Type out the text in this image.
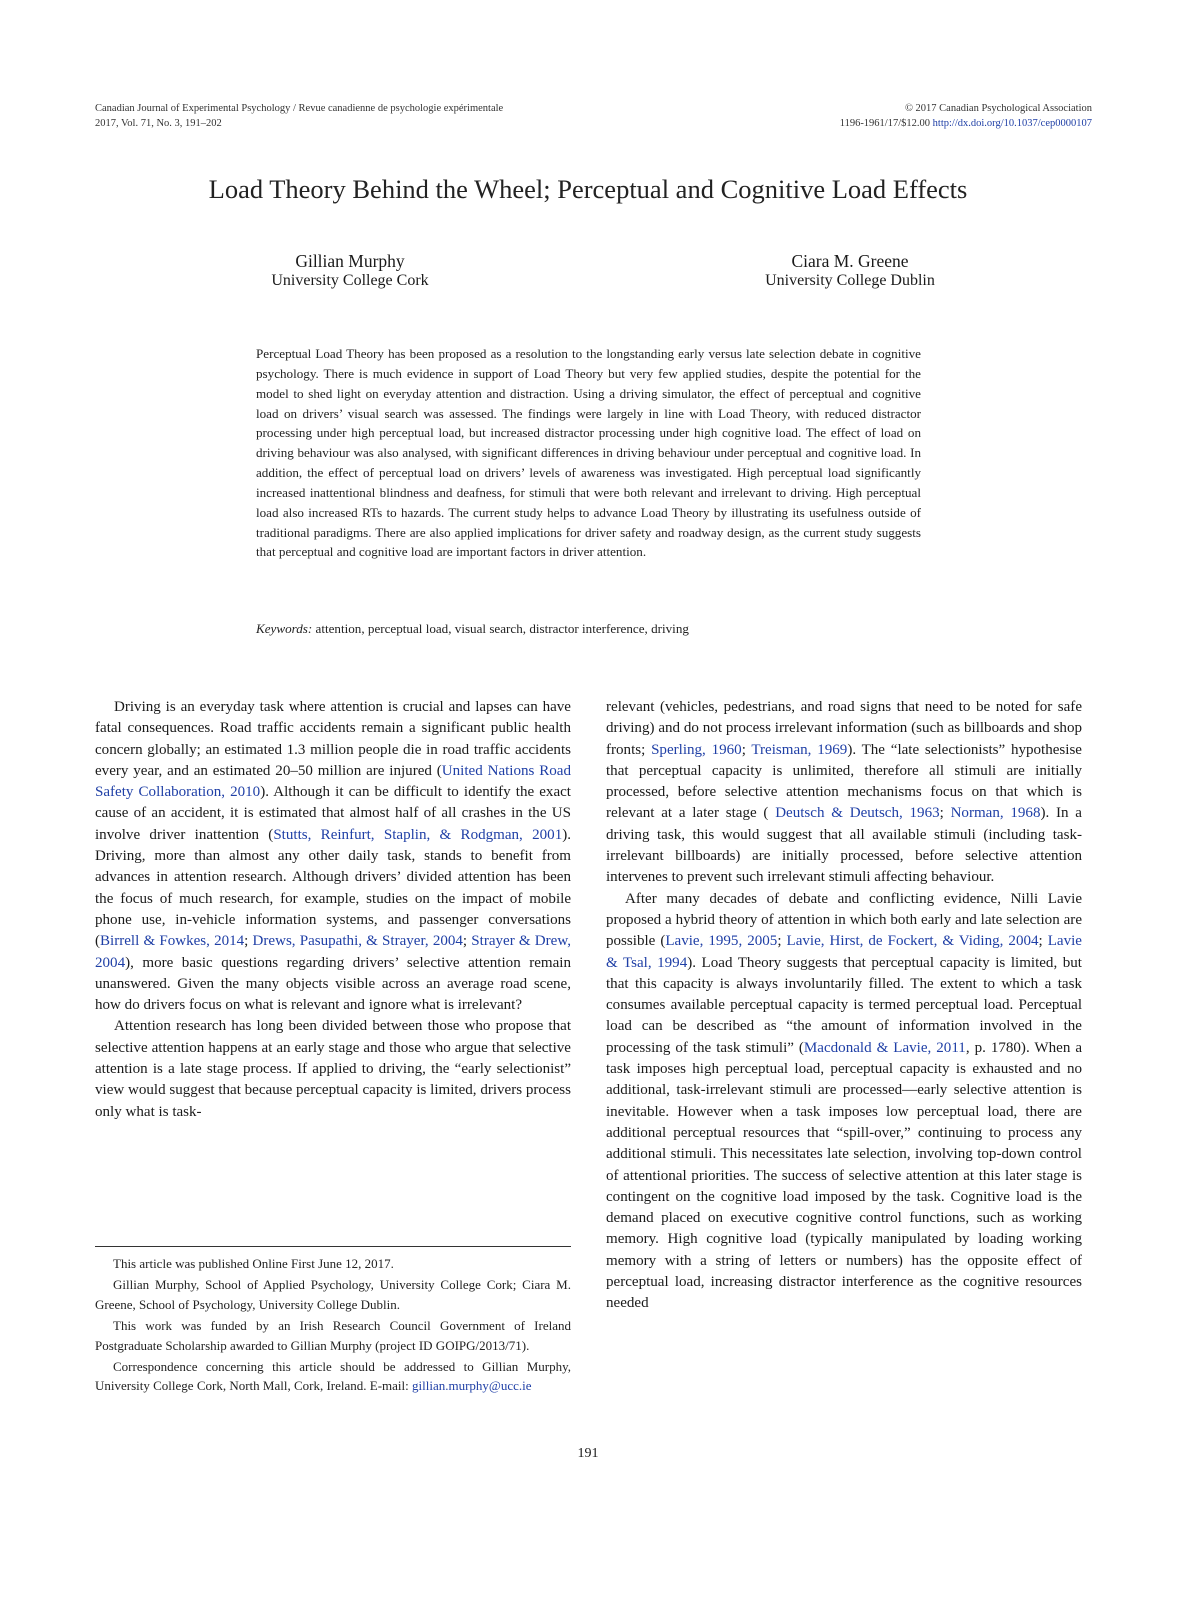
Canadian Journal of Experimental Psychology / Revue canadienne de psychologie expérimentale
2017, Vol. 71, No. 3, 191–202
© 2017 Canadian Psychological Association
1196-1961/17/$12.00 http://dx.doi.org/10.1037/cep0000107
Load Theory Behind the Wheel; Perceptual and Cognitive Load Effects
Gillian Murphy
University College Cork
Ciara M. Greene
University College Dublin
Perceptual Load Theory has been proposed as a resolution to the longstanding early versus late selection debate in cognitive psychology. There is much evidence in support of Load Theory but very few applied studies, despite the potential for the model to shed light on everyday attention and distraction. Using a driving simulator, the effect of perceptual and cognitive load on drivers’ visual search was assessed. The findings were largely in line with Load Theory, with reduced distractor processing under high perceptual load, but increased distractor processing under high cognitive load. The effect of load on driving behaviour was also analysed, with significant differences in driving behaviour under perceptual and cognitive load. In addition, the effect of perceptual load on drivers’ levels of awareness was investigated. High perceptual load significantly increased inattentional blindness and deafness, for stimuli that were both relevant and irrelevant to driving. High perceptual load also increased RTs to hazards. The current study helps to advance Load Theory by illustrating its usefulness outside of traditional paradigms. There are also applied implications for driver safety and roadway design, as the current study suggests that perceptual and cognitive load are important factors in driver attention.
Keywords: attention, perceptual load, visual search, distractor interference, driving

Driving is an everyday task where attention is crucial and lapses can have fatal consequences. Road traffic accidents remain a significant public health concern globally; an estimated 1.3 million people die in road traffic accidents every year, and an estimated 20–50 million are injured (United Nations Road Safety Collaboration, 2010). Although it can be difficult to identify the exact cause of an accident, it is estimated that almost half of all crashes in the US involve driver inattention (Stutts, Reinfurt, Staplin, & Rodgman, 2001). Driving, more than almost any other daily task, stands to benefit from advances in attention research. Although drivers’ divided attention has been the focus of much research, for example, studies on the impact of mobile phone use, in-vehicle information systems, and passenger conversations (Birrell & Fowkes, 2014; Drews, Pasupathi, & Strayer, 2004; Strayer & Drew, 2004), more basic questions regarding drivers’ selective attention remain unanswered. Given the many objects visible across an average road scene, how do drivers focus on what is relevant and ignore what is irrelevant?

Attention research has long been divided between those who propose that selective attention happens at an early stage and those who argue that selective attention is a late stage process. If applied to driving, the “early selectionist” view would suggest that because perceptual capacity is limited, drivers process only what is task-

relevant (vehicles, pedestrians, and road signs that need to be noted for safe driving) and do not process irrelevant information (such as billboards and shop fronts; Sperling, 1960; Treisman, 1969). The “late selectionists” hypothesise that perceptual capacity is unlimited, therefore all stimuli are initially processed, before selective attention mechanisms focus on that which is relevant at a later stage ( Deutsch & Deutsch, 1963; Norman, 1968). In a driving task, this would suggest that all available stimuli (including task-irrelevant billboards) are initially processed, before selective attention intervenes to prevent such irrelevant stimuli affecting behaviour.

After many decades of debate and conflicting evidence, Nilli Lavie proposed a hybrid theory of attention in which both early and late selection are possible (Lavie, 1995, 2005; Lavie, Hirst, de Fockert, & Viding, 2004; Lavie & Tsal, 1994). Load Theory suggests that perceptual capacity is limited, but that this capacity is always involuntarily filled. The extent to which a task consumes available perceptual capacity is termed perceptual load. Perceptual load can be described as “the amount of information involved in the processing of the task stimuli” (Macdonald & Lavie, 2011, p. 1780). When a task imposes high perceptual load, perceptual capacity is exhausted and no additional, task-irrelevant stimuli are processed—early selective attention is inevitable. However when a task imposes low perceptual load, there are additional perceptual resources that “spill-over,” continuing to process any additional stimuli. This necessitates late selection, involving top-down control of attentional priorities. The success of selective attention at this later stage is contingent on the cognitive load imposed by the task. Cognitive load is the demand placed on executive cognitive control functions, such as working memory. High cognitive load (typically manipulated by loading working memory with a string of letters or numbers) has the opposite effect of perceptual load, increasing distractor interference as the cognitive resources needed

This article was published Online First June 12, 2017.

Gillian Murphy, School of Applied Psychology, University College Cork; Ciara M. Greene, School of Psychology, University College Dublin.

This work was funded by an Irish Research Council Government of Ireland Postgraduate Scholarship awarded to Gillian Murphy (project ID GOIPG/2013/71).

Correspondence concerning this article should be addressed to Gillian Murphy, University College Cork, North Mall, Cork, Ireland. E-mail: gillian.murphy@ucc.ie

191
